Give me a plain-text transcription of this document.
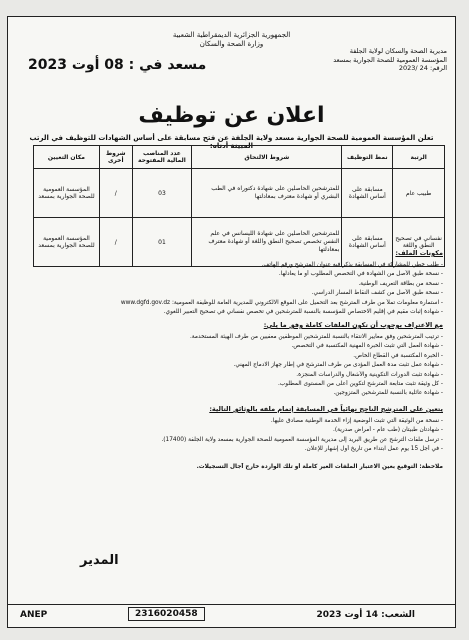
الجمهورية الجزائرية الديمقراطية الشعبية
وزارة الصحة والسكان
مديرية الصحة والسكان لولاية الجلفة
المؤسسة العمومية للصحة الجوارية بمسعد
الرقم: 24 /2023
مسعد في : 08 أوت 2023
اعلان عن توظيف
تعلن المؤسسة العمومية للصحة الجوارية مسعد ولاية الجلفة عن فتح مسابقة على أساس الشهادات للتوظيف في الرتب المبينة أدناه:
الرتبة	نمط التوظيف	شروط الالتحاق	عدد المناصب المالية المفتوحة	شروط أخرى	مكان التعيين
طبيب عام	مسابقة على أساس الشهادة	للمترشحين الحاصلين على شهادة دكتوراه في الطب البشري أو شهادة معترف بمعادلتها	03	/	المؤسسة العمومية للصحة الجوارية بمسعد
نفساني في تصحيح النطق واللغة	مسابقة على أساس الشهادة	للمترشحين الحاصلين على شهادة الليسانس في علم النفس تخصص تصحيح النطق واللغة أو شهادة معترف بمعادلتها	01	/	المؤسسة العمومية للصحة الجوارية بمسعد
مكونات الملف:
- طلب خطي للمشاركة في المسابقة يذكر فيه عنوان المترشح ورقم الهاتف.
- نسخة طبق الأصل من الشهادة في التخصص المطلوب أو ما يعادلها.
- نسخة من بطاقة التعريف الوطنية.
- نسخة طبق الأصل من كشف النقاط المسار الدراسي.
- استمارة معلومات تملأ من طرف المترشح بعد التحميل على الموقع الالكتروني للمديرية العامة للوظيفة العمومية: www.dgfd.gov.dz
- شهادة إثبات مقيم في إقليم الاختصاص للمؤسسة بالنسبة للمترشحين في تخصص نفساني في تصحيح التعبير اللغوي.
مع الاعتراف بوجوب أن تكون الملفات كاملة وفق ما يلي:
- ترتيب المترشحين وفق معايير الانتقاء بالنسبة للمترشحين الموظفين معفيين من طرف الهيئة المستخدمة.
- شهادة العمل التي تثبت الخبرة المهنية المكتسبة في التخصص.
- الخبرة المكتسبة في القطاع الخاص.
- شهادة عمل تثبت مدة العمل المؤدى من طرف المترشح في إطار جهاز الادماج المهني.
- شهادة تثبت الدورات التكوينية والأشغال والدراسات المنجزة.
- كل وثيقة تثبت متابعة المترشح لتكوين أعلى من المستوى المطلوب.
- شهادة عائلية بالنسبة للمترشحين المتزوجين.
يتعين على المترشح الناجح نهائياً في المسابقة إتمام ملفه بالوثائق التالية:
- نسخة من الوثيقة التي تثبت الوضعية إزاء الخدمة الوطنية مصادق عليها.
- شهادتان طبيتان (طب عام - أمراض صدرية).
- ترسل ملفات الترشح عن طريق البريد إلى مديرية المؤسسة العمومية للصحة الجوارية بمسعد ولاية الجلفة (17400).
- في أجل 15 يوم عمل ابتداء من تاريخ أول إشهار للإعلان.
ملاحظة: التوقيع بعين الاعتبار الملفات الغير كاملة أو تلك الواردة خارج آجال التسجيلات.
المدير
ANEP	2316020458	الشعب: 14 أوت 2023
